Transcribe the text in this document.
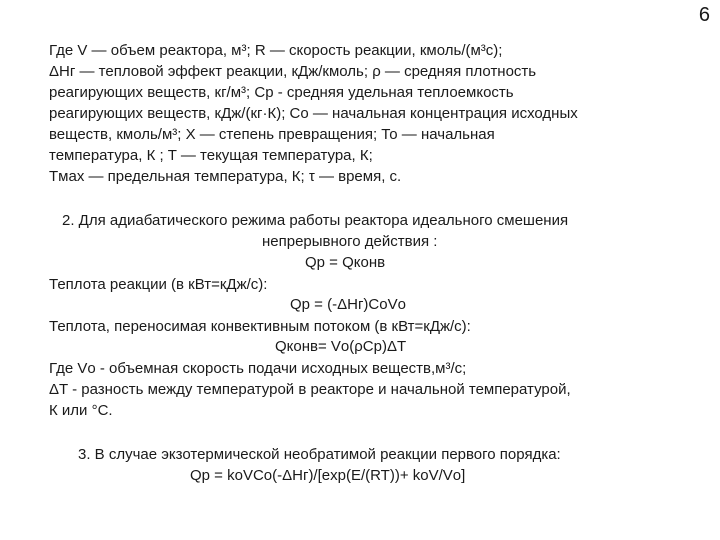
6
Где V — объем реактора, м³; R — скорость реакции, кмоль/(м³с);
ΔHг — тепловой эффект реакции, кДж/кмоль; ρ — средняя плотность
реагирующих веществ, кг/м³; Cр - средняя удельная теплоемкость
реагирующих веществ, кДж/(кг·К); Со — начальная концентрация исходных
веществ, кмоль/м³; X — степень превращения; То — начальная
температура, К ; T — текущая температура, К;
Tмах — предельная температура, К; τ — время, с.
2. Для адиабатического режима работы реактора идеального смешения
непрерывного действия :
Qр = Qконв
Теплота реакции (в кВт=кДж/с):
Qр = (-ΔHг)CоVо
Теплота, переносимая конвективным потоком (в кВт=кДж/с):
Qконв= Vо(ρCр)ΔT
Где Vо - объемная скорость подачи исходных веществ,м³/с;
ΔT - разность между температурой в реакторе и начальной температурой,
К или °С.
3. В случае экзотермической необратимой реакции первого порядка:
Qр = kоVCо(-ΔHг)/[exp(E/(RT))+ kоV/Vо]
